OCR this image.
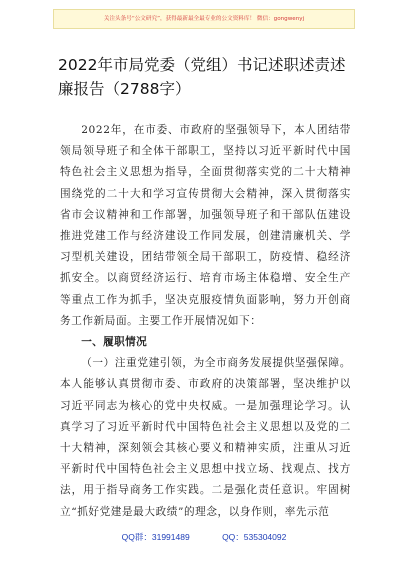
关注头条号“公文研究”，获得最新最全最专业的公文资料库！ 微信：gongwenyj
2022年市局党委（党组）书记述职述责述廉报告（2788字）

2022年，在市委、市政府的坚强领导下，本人团结带领局领导班子和全体干部职工，坚持以习近平新时代中国特色社会主义思想为指导，全面贯彻落实党的二十大精神围绕党的二十大和学习宣传贯彻大会精神，深入贯彻落实省市会议精神和工作部署，加强领导班子和干部队伍建设推进党建工作与经济建设工作同发展，创建清廉机关、学习型机关建设，团结带领全局干部职工，防疫情、稳经济抓安全。以商贸经济运行、培育市场主体稳增、安全生产等重点工作为抓手，坚决克服疫情负面影响，努力开创商务工作新局面。主要工作开展情况如下：

一、履职情况

（一）注重党建引领，为全市商务发展提供坚强保障。本人能够认真贯彻市委、市政府的决策部署，坚决维护以习近平同志为核心的党中央权威。一是加强理论学习。认真学习了习近平新时代中国特色社会主义思想以及党的二十大精神，深刻领会其核心要义和精神实质，注重从习近平新时代中国特色社会主义思想中找立场、找观点、找方法，用于指导商务工作实践。二是强化责任意识。牢固树立“抓好党建是最大政绩”的理念，以身作则，率先示范

QQ群：31991489	QQ：535304092
